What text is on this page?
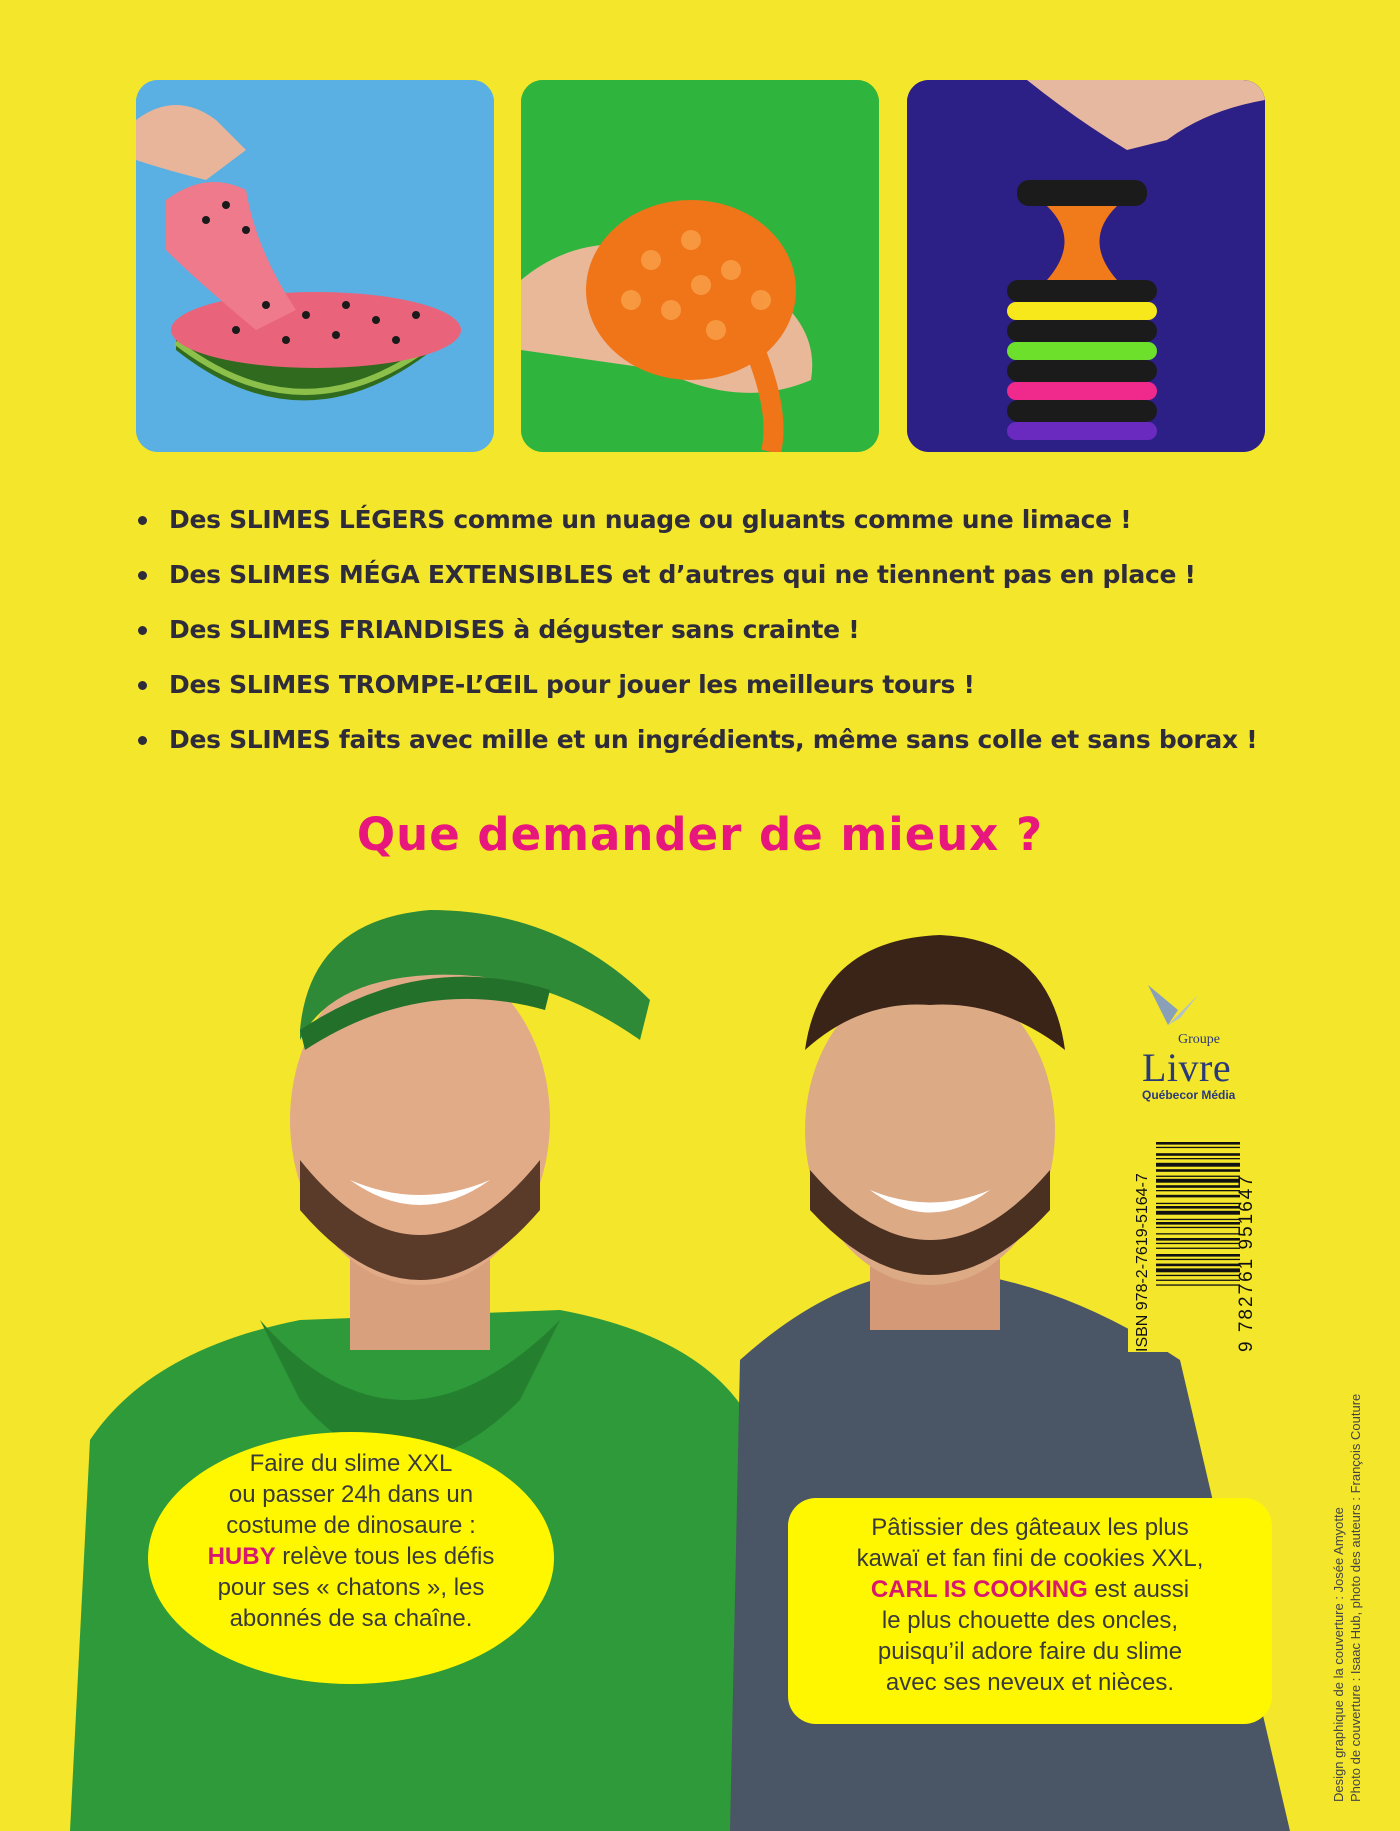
Des SLIMES LÉGERS comme un nuage ou gluants comme une limace !
Des SLIMES MÉGA EXTENSIBLES et d’autres qui ne tiennent pas en place !
Des SLIMES FRIANDISES à déguster sans crainte !
Des SLIMES TROMPE-L’ŒIL pour jouer les meilleurs tours !
Des SLIMES faits avec mille et un ingrédients, même sans colle et sans borax !
Que demander de mieux ?
Faire du slime XXL
ou passer 24h dans un
costume de dinosaure :
HUBY relève tous les défis
pour ses « chatons », les
abonnés de sa chaîne.
Pâtissier des gâteaux les plus
kawaï et fan fini de cookies XXL,
CARL IS COOKING est aussi
le plus chouette des oncles,
puisqu’il adore faire du slime
avec ses neveux et nièces.
Groupe
Livre
Québecor Média
ISBN 978-2-7619-5164-7	9 782761 951647
Design graphique de la couverture : Josée Amyotte Photo de couverture : Isaac Hub, photo des auteurs : François Couture
